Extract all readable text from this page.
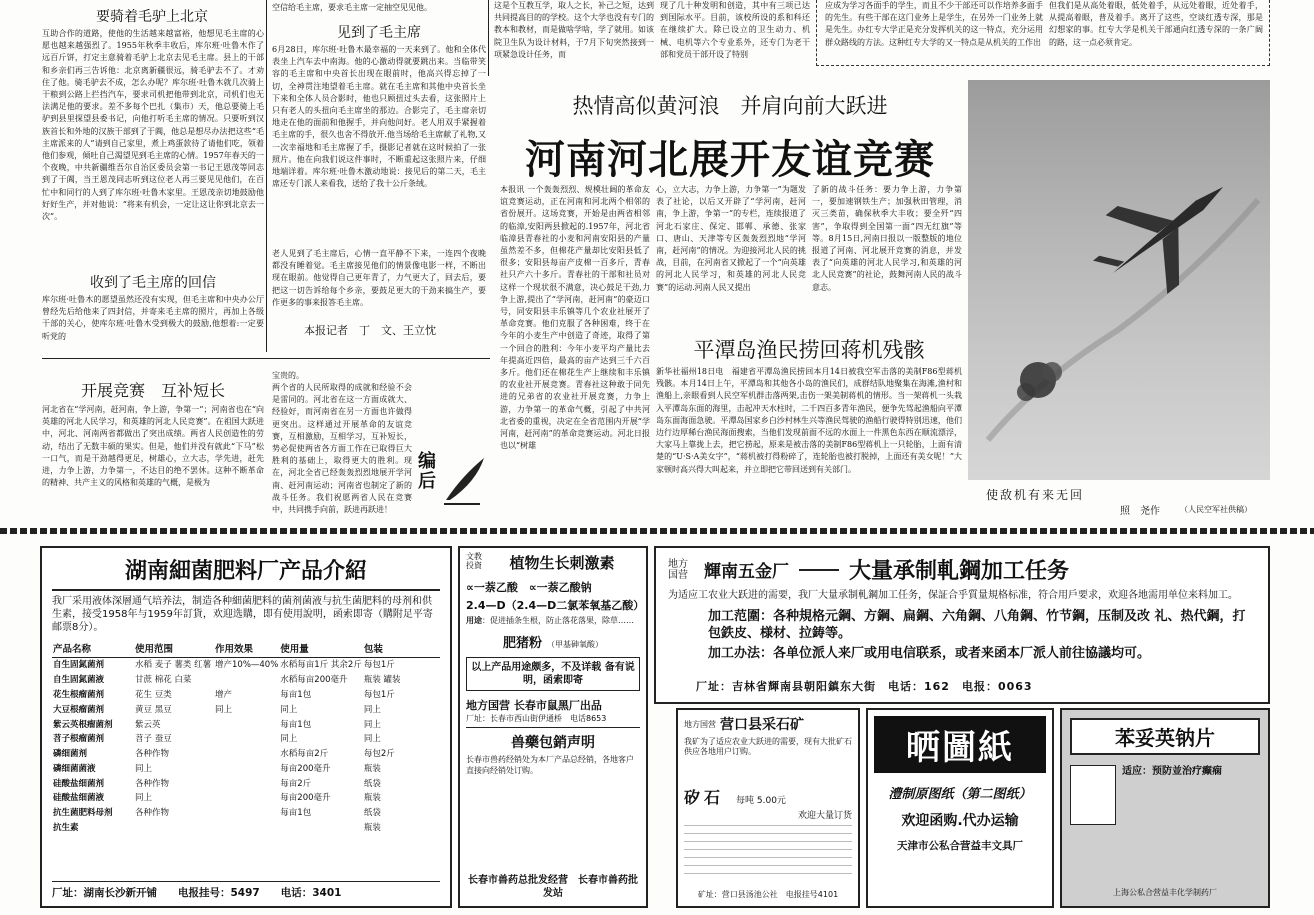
要骑着毛驴上北京
互助合作的道路，使他的生活越来越富裕，他想见毛主席的心愿也越来越强烈了。1955年秋季丰收后，库尔班·吐鲁木作了远百斤饼，打定主意骑着毛驴上北京去见毛主席。县上的干部和乡亲们再三告诉他：北京离新疆很远，骑毛驴去不了。才劝住了他。骑毛驴去不成，怎么办呢？库尔班·吐鲁木就几次骑上干粮到公路上拦挡汽车，要求司机把他带到北京，司机们也无法满足他的要求。差不多每个巴扎（集市）天，他总要骑上毛驴到县里探望县委书记，向他打听毛主席的情况。只要听到汉族首长和外地的汉族干部到了于阗，他总是想尽办法把这些“毛主席派来的人”请到自己家里，煮上鸡蛋款待了请他们吃，领着他们参观，倾吐自己渴望见到毛主席的心情。1957年春天的一个夜晚，中共新疆维吾尔自治区委员会第一书记王恩茂等同志到了于阗，当王恩茂同志听到这位老人再三要见见他们，在百忙中和同行的人到了库尔班·吐鲁木家里。王恩茂亲切地鼓励他好好生产，并对他说：“将来有机会，一定让这让你到北京去一次”。
收到了毛主席的回信
库尔班·吐鲁木的愿望虽然还没有实现，但毛主席和中央办公厅曾经先后给他来了四封信，并寄来毛主席的照片，再加上各级干部的关心，使库尔班·吐鲁木受到极大的鼓励,他想着:一定要听党的
空信给毛主席，要求毛主席一定抽空见见他。
见到了毛主席
6月28日，库尔班·吐鲁木最幸福的一天来到了。他和全体代表坐上汽车去中南海。他的心激动得就要跳出来。当临带笑容的毛主席和中央首长出现在眼前时，他高兴得忘掉了一切，全神贯注地望着毛主席。就在毛主席和其他中央首长坐下来和全体人员合影时，他也只顾扭过头去看，这张照片上只有老人的头扭向毛主席坐的那边。合影完了，毛主席亲切地走在他的面前和他握手，并向他问好。老人用双手紧握着毛主席的手，很久也舍不得放开.他当场给毛主席献了礼物,又一次幸福地和毛主席握了手，摄影记者就在这时候拍了一张照片。他在向我们说这件事时，不断重起这张照片来，仔细地端详着。库尔班·吐鲁木激动地说：接见后的第二天，毛主席还专门派人来看我，送给了我十公斤条绒。
老人见到了毛主席后，心情一直平静不下来，一连四个夜晚都没有睡着觉。毛主席接见他们的情景像电影一样，不断出现在眼前。他觉得自己更年青了，力气更大了，回去后，要把这一切告诉给每个乡亲，要鼓足更大的干劲来搞生产，要作更多的事来报答毛主席。
本报记者　丁　文、王立忱
这是个互教互学，取人之长，补己之短，达到共同提高目的的学校。这个大学也没有专门的教本和教材，而是做啥学啥，学了就用。如该院卫生队为设计材料，于7月下旬突然接到一项紧急设计任务，而
现了几十种发明和创造，其中有三项已达到国际水平。目前，该校所设的系和科还在继续扩大。除已设立的卫生动力、机械、电机等六个专业系外，还专门为老干部和党员干部开设了特别
应成为学习各面手的学生，而且不少干部还可以作培养多面手的先生。有些干部在这门业务上是学生，在另外一门业务上就是先生。办红专大学正是充分发挥机关的这一特点，充分运用群众路线的方法。这种红专大学的又一特点是从机关的工作出
但我们是从高处着眼，低处着手，从远处着眼，近处着手，从提高着眼，普及着手。离开了这些，空谈红透专深，那是幻想家的事。红专大学是机关干部通向红透专深的一条广阔的路，这一点必须肯定。
热情高似黄河浪　并肩向前大跃进
河南河北展开友谊竞赛
本报讯 一个轰轰烈烈、规模壮阔的革命友谊竞赛运动，正在河南和河北两个相邻的省份展开。这场竞赛，开始是由两省相邻的临漳,安阳两县掀起的.1957年，河北省临漳县青春社的小麦和河南安阳县的产量虽然差不多，但棉花产量却比安阳县低了很多；安阳县每亩产皮棉一百多斤，青春社只产六十多斤。青春社的干部和社员对这样一个现状很不满意，决心鼓足干劲,力争上游,提出了“学河南，赶河南”的豪迈口号，同安阳县丰乐镇等几个农业社展开了革命竞赛。他们克服了各种困难，终于在今年的小麦生产中创造了奇迹，取得了第一个回合的胜利：今年小麦平均产量比去年提高近四倍，最高的亩产达到三千六百多斤。他们还在棉花生产上继续和丰乐镇的农业社开展竞赛。青春社这种敢于同先进的兄弟省的农业社开展竞赛，力争上游，力争第一的革命气概，引起了中共河北省委的重视，决定在全省范围内开展“学河南，赶河南”的革命竞赛运动。河北日报也以“树雄
心，立大志，力争上游，力争第一”为题发表了社论，以后又开辟了“学河南，赶河南，争上游，争第一”的专栏，连续报道了河北石家庄、保定、邯郸、承德、张家口、唐山、天津等专区轰轰烈烈地“学河南，赶河南”的情况。为迎接河北人民的挑战，目前，在河南省又掀起了一个“向英雄的河北人民学习，和英雄的河北人民竞赛”的运动.河南人民又提出
了新的战斗任务：要力争上游，力争第一，要加速钢铁生产；加强秋田管理，消灭三类苗，确保秋季大丰收；要全歼“四害”，争取得到全国第一面“四无红旗”等等。8月15日,河南日报以一版整版的地位报道了河南、河北展开竞赛的消息，并发表了“向英雄的河北人民学习,和英雄的河北人民竞赛”的社论，鼓舞河南人民的战斗意志。
平潭岛渔民捞回蒋机残骸
新华社福州18日电　福建省平潭岛渔民捞回本月14日被我空军击落的美制F86型蒋机残骸。本月14日上午，平潭岛和其他各小岛的渔民们，成群结队地聚集在海滩,渔村和渔船上,亲眼看到人民空军机群击落两架,击伤一架美制蒋机的情形。当一架蒋机一头栽入平潭岛东面的海里，击起冲天水柱时，二千四百多青年渔民，便争先驾起渔船向平潭岛东面海面急驶。平潭岛国家乡白沙村林生兴等渔民驾驶的渔船行驶得特别迅速，他们边行边厚稀台渔民海面搜索，当他们发现前面不远的水面上一件黑色东西在顺流漂浮，大家马上靠拢上去，把它捞起，原来是被击落的美制F86型蒋机上一只轮胎，上面有清楚的“U·S·A美女字”，“蒋机被打得粉碎了，连轮胎也被打脱掉，上面还有美女呢！”大家顿时高兴得大叫起来，并立即把它带回送到有关部门。
使敌机有来无回
照　尧作	（人民空军社供稿）
开展竞赛　互补短长
河北省在“学河南，赶河南，争上游，争第一”；河南省也在“向英雄的河北人民学习，和英雄的河北人民竞赛”。在祖国大跃进中，河北、河南两省都做出了突出成绩。两省人民创造性的劳动，结出了无数丰硕的果实。但是，他们并没有就此“下马”松一口气，而是干劲越得更足，树雄心，立大志，学先进，赶先进，力争上游，力争第一，不达目的绝不罢休。这种不断革命的精神、共产主义的风格和英雄的气概，是极为
宝贵的。
两个省的人民所取得的成就和经验不会是雷同的。河北省在这一方面成就大、经验好，而河南省在另一方面也许做得更突出。这样通过开展革命的友谊竞赛，互相激励，互相学习，互补短长，势必促使两省各方面工作在已取得巨大胜利的基础上，取得更大的胜利。现在，河北全省已经轰轰烈烈地展开学河南、赶河南运动；河南省也制定了新的战斗任务。我们祝愿两省人民在竞赛中，共同携手向前，跃进再跃进！
编后
湖南細菌肥料厂产品介紹
我厂采用液体深層通气培养法，制造各种細菌肥料的菌剂菌液与抗生菌肥料的母剂和供生素，接受1958年与1959年訂貨，欢迎选購，即有使用說明，函索即寄（購附足平寄邮票8分）。
产品名称	使用范围	作用效果	使用量	包装
自生固氮菌剂	水稻 麦子 薯类 红薯	增产10%—40%	水稻每亩1斤 其余2斤	每包1斤
自生固氮菌液	甘蔗 棉花 白菜		水稻每亩200毫升	瓶装 罐装
花生根瘤菌剂	花生 豆类	增产	每亩1包	每包1斤
大豆根瘤菌剂	黄豆 黑豆	同上	同上	同上
紫云英根瘤菌剂	紫云英		每亩1包	同上
苕子根瘤菌剂	苕子 蚕豆		同上	同上
磷细菌剂	各种作物		水稻每亩2斤	每包2斤
磷细菌菌液	同上		每亩200毫升	瓶装
硅酸盐细菌剂	各种作物		每亩2斤	纸袋
硅酸盐细菌液	同上		每亩200毫升	瓶装
抗生菌肥料母剂	各种作物		每亩1包	纸袋
抗生素				瓶装
厂址：湖南长沙新开铺　　电报挂号：5497　　电话：3401
文教 投資	植物生长刺激素
∝一萘乙酸　∝一萘乙酸钠
2.4—D（2.4—D二氯苯氧基乙酸）
用途：促进插条生根，防止落花落果，除草……
肥猪粉 （甲基砷氧酸）
以上产品用途颇多，不及详载 备有说明，函索即寄
地方国营 长春市鼠黑厂出品
厂址：长春市西山街伊通桥　电话8653
兽藥包銷声明
长春市兽药经销处为本厂产品总经销，各地客户直接向经销处订购。
长春市兽药总批发经营　长春市兽药批发站
地方 国营 輝南五金厂	大量承制軋鋼加工任务
为适应工农业大跃进的需要，我厂大量承制軋鋼加工任务，保証合乎質量規格标准，符合用戶要求，欢迎各地需用单位来料加工。
加工范圍：各种規格元鋼、方鋼、扁鋼、六角鋼、八角鋼、竹节鋼，压制及改 礼、热代鋼，打包鉄皮、様材、拉鋳等。
加工办法：各单位派人来厂或用电信联系，或者来函本厂派人前往協議均可。
厂址：吉林省輝南县朝阳鎮东大街　电话：162　电报：0063
地方国营 营口县采石矿
我矿为了适应农业大跃进的需要，现有大批矿石供应各地用户订购。
矽石 每吨 5.00元
欢迎大量订货
矿址：营口县汤池公社　电报挂号4101
晒圖紙
澧制原图纸（第二图纸）
欢迎函购.代办运输
天津市公私合营益丰文具厂
苯妥英钠片
适应：预防並治疗癫痫
上海公私合营益丰化学制药厂
